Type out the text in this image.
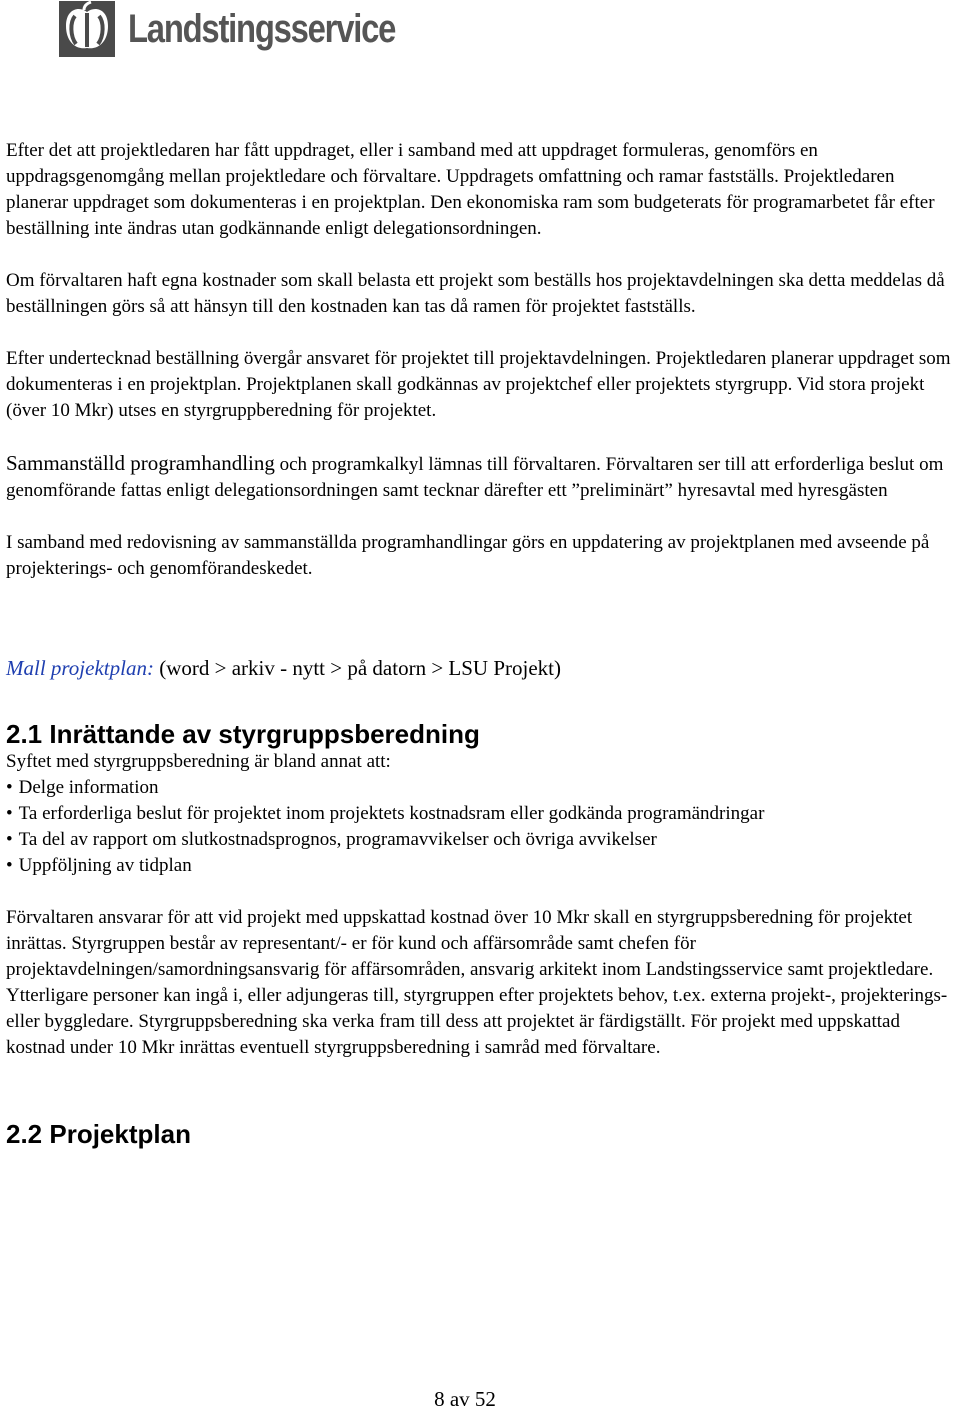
Landstingsservice

Efter det att projektledaren har fått uppdraget, eller i samband med att uppdraget formuleras, genomförs en uppdragsgenomgång mellan projektledare och förvaltare. Uppdragets omfattning och ramar fastställs. Projektledaren planerar uppdraget som dokumenteras i en projektplan. Den ekonomiska ram som budgeterats för programarbetet får efter beställning inte ändras utan godkännande enligt delegationsordningen.

Om förvaltaren haft egna kostnader som skall belasta ett projekt som beställs hos projektavdelningen ska detta meddelas då beställningen görs så att hänsyn till den kostnaden kan tas då ramen för projektet fastställs.

Efter undertecknad beställning övergår ansvaret för projektet till projektavdelningen. Projektledaren planerar uppdraget som dokumenteras i en projektplan. Projektplanen skall godkännas av projektchef eller projektets styrgrupp. Vid stora projekt (över 10 Mkr) utses en styrgruppberedning för projektet.

Sammanställd programhandling och programkalkyl lämnas till förvaltaren. Förvaltaren ser till att erforderliga beslut om genomförande fattas enligt delegationsordningen samt tecknar därefter ett ”preliminärt” hyresavtal med hyresgästen

I samband med redovisning av sammanställda programhandlingar görs en uppdatering av projektplanen med avseende på projekterings- och genomförandeskedet.

Mall projektplan: (word > arkiv - nytt > på datorn > LSU Projekt)

2.1 Inrättande av styrgruppsberedning

Syftet med styrgruppsberedning är bland annat att:

• Delge information
• Ta erforderliga beslut för projektet inom projektets kostnadsram eller godkända programändringar
• Ta del av rapport om slutkostnadsprognos, programavvikelser och övriga avvikelser
• Uppföljning av tidplan

Förvaltaren ansvarar för att vid projekt med uppskattad kostnad över 10 Mkr skall en styrgruppsberedning för projektet inrättas. Styrgruppen består av representant/- er för kund och affärsområde samt chefen för projektavdelningen/samordningsansvarig för affärsområden, ansvarig arkitekt inom Landstingsservice samt projektledare. Ytterligare personer kan ingå i, eller adjungeras till, styrgruppen efter projektets behov, t.ex. externa projekt-, projekterings- eller byggledare. Styrgruppsberedning ska verka fram till dess att projektet är färdigställt. För projekt med uppskattad kostnad under 10 Mkr inrättas eventuell styrgruppsberedning i samråd med förvaltare.

2.2 Projektplan
8 av 52
